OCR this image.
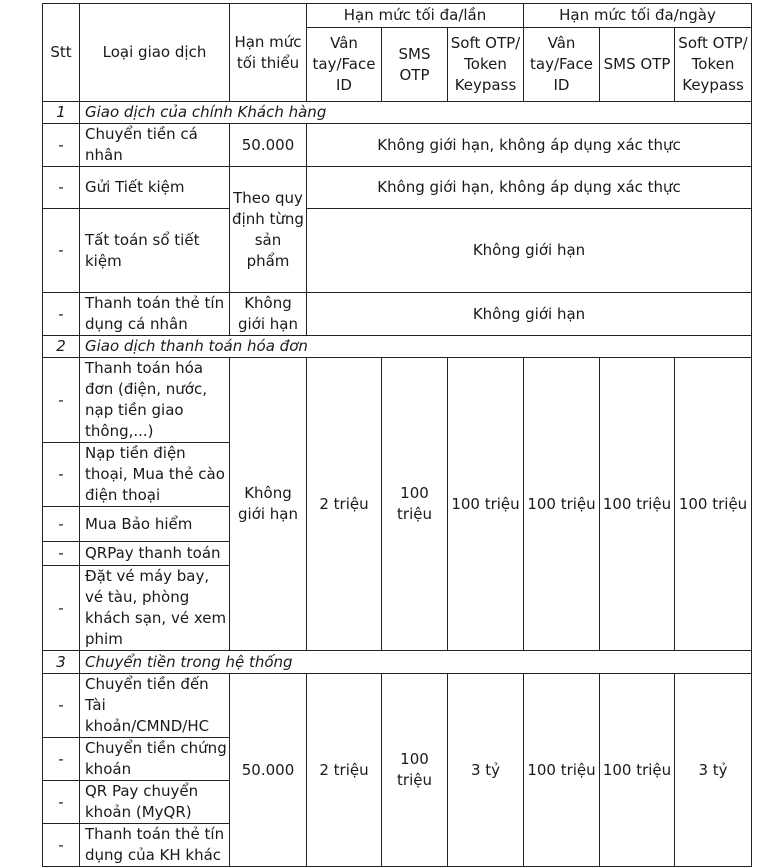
Stt	Loại giao dịch	Hạn mức tối thiểu	Hạn mức tối đa/lần			Hạn mức tối đa/ngày		
			Vân tay/Face ID	SMS OTP	Soft OTP/ Token Keypass	Vân tay/Face ID	SMS OTP	Soft OTP/ Token Keypass
1	Giao dịch của chính Khách hàng							
-	Chuyển tiền cá nhân	50.000	Không giới hạn, không áp dụng xác thực					
-	Gửi Tiết kiệm	Theo quy định từng sản phẩm	Không giới hạn, không áp dụng xác thực					
-	Tất toán sổ tiết kiệm		Không giới hạn					
-	Thanh toán thẻ tín dụng cá nhân	Không giới hạn	Không giới hạn					
2	Giao dịch thanh toán hóa đơn							
-	Thanh toán hóa đơn (điện, nước, nạp tiền giao thông,...)	Không giới hạn	2 triệu	100 triệu	100 triệu	100 triệu	100 triệu	100 triệu
-	Nạp tiền điện thoại, Mua thẻ cào điện thoại							
-	Mua Bảo hiểm							
-	QRPay thanh toán							
-	Đặt vé máy bay, vé tàu, phòng khách sạn, vé xem phim							
3	Chuyển tiền trong hệ thống							
-	Chuyển tiền đến Tài khoản/CMND/HC	50.000	2 triệu	100 triệu	3 tỷ	100 triệu	100 triệu	3 tỷ
-	Chuyển tiền chứng khoán							
-	QR Pay chuyển khoản (MyQR)							
-	Thanh toán thẻ tín dụng của KH khác							
